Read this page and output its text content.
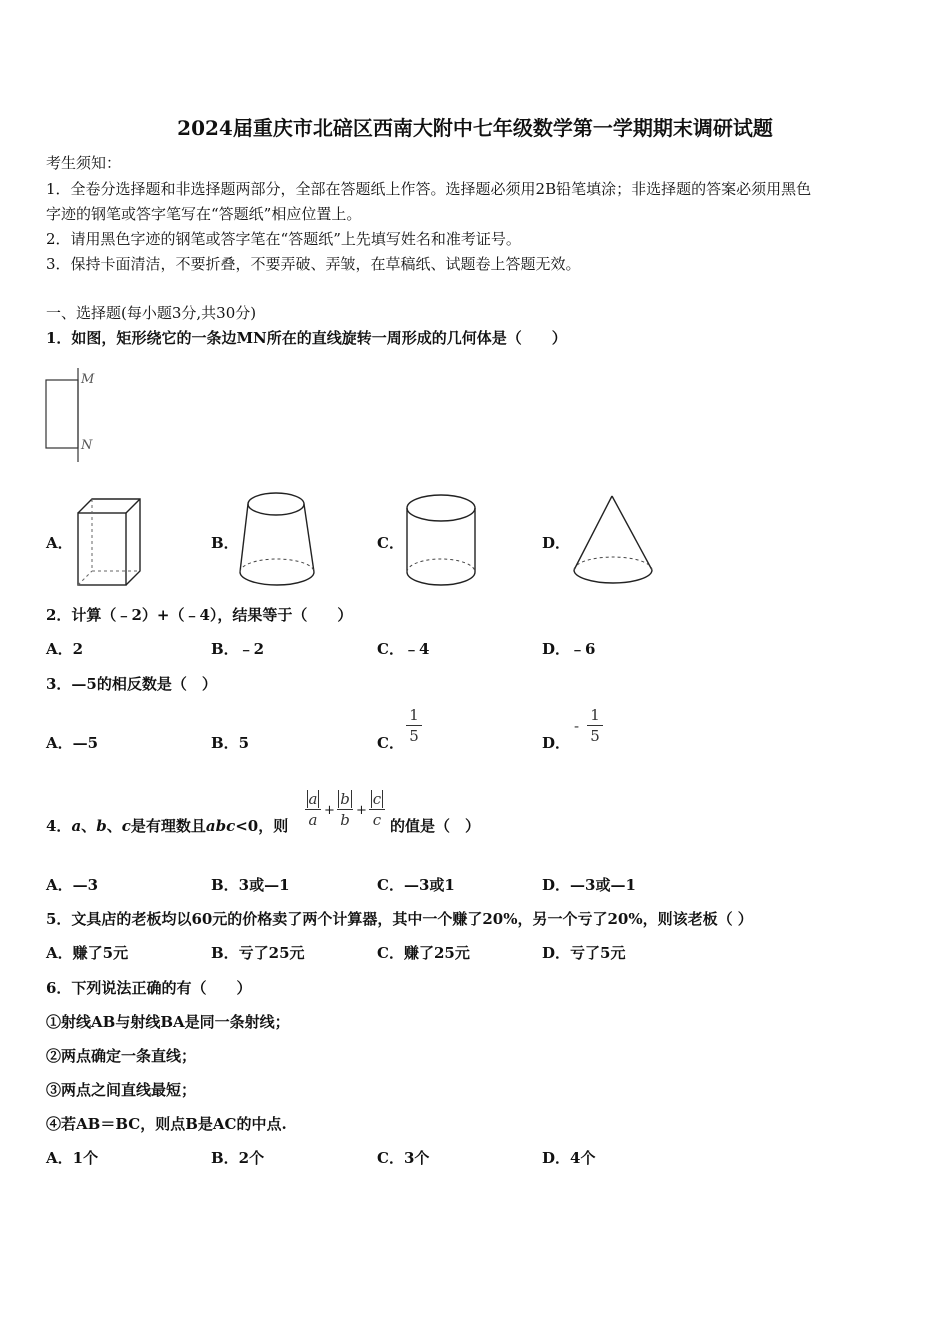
2024届重庆市北碚区西南大附中七年级数学第一学期期末调研试题
考生须知：
1．全卷分选择题和非选择题两部分，全部在答题纸上作答。选择题必须用2B铅笔填涂；非选择题的答案必须用黑色
字迹的钢笔或答字笔写在“答题纸”相应位置上。
2．请用黑色字迹的钢笔或答字笔在“答题纸”上先填写姓名和准考证号。
3．保持卡面清洁，不要折叠，不要弄破、弄皱，在草稿纸、试题卷上答题无效。
一、选择题(每小题3分,共30分)
1．如图，矩形绕它的一条边MN所在的直线旋转一周形成的几何体是（　　）
M
N
A．	B．	C．	D．
2．计算（﹣2）+（﹣4），结果等于（　　）
A．2	B．﹣2	C．﹣4	D．﹣6
3．—5的相反数是（　）
A．—5	B．5	C．
1
5	D．
-
1
5
4．a、b、c是有理数且abc<0，则
a
a
+
b
b
+
c
c 的值是（　）
A．—3	B．3或—1	C．—3或1	D．—3或—1
5．文具店的老板均以60元的价格卖了两个计算器，其中一个赚了20%，另一个亏了20%，则该老板（ ）
A．赚了5元	B．亏了25元	C．赚了25元	D．亏了5元
6．下列说法正确的有（　　）
①射线AB与射线BA是同一条射线；
②两点确定一条直线；
③两点之间直线最短；
④若AB＝BC，则点B是AC的中点.
A．1个	B．2个	C．3个	D．4个
